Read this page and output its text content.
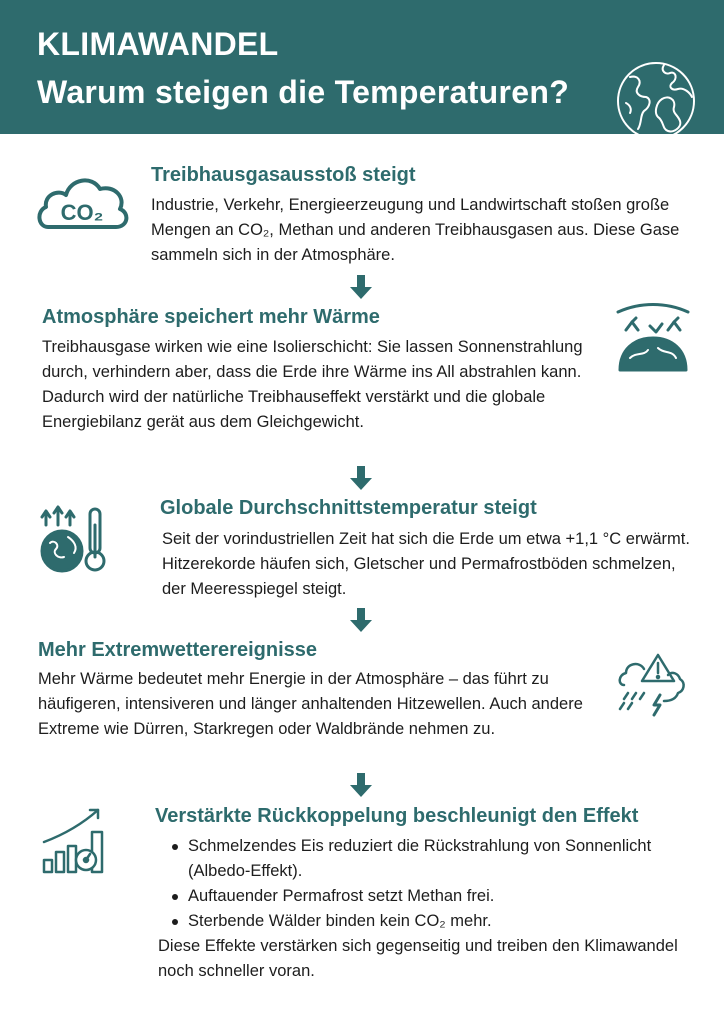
KLIMAWANDEL
Warum steigen die Temperaturen?
CO₂
Treibhausgasausstoß steigt

Industrie, Verkehr, Energieerzeugung und Landwirtschaft stoßen große Mengen an CO₂, Methan und anderen Treibhausgasen aus. Diese Gase sammeln sich in der Atmosphäre.

Atmosphäre speichert mehr Wärme

Treibhausgase wirken wie eine Isolierschicht: Sie lassen Sonnenstrahlung durch, verhindern aber, dass die Erde ihre Wärme ins All abstrahlen kann.

Dadurch wird der natürliche Treibhauseffekt verstärkt und die globale Energiebilanz gerät aus dem Gleichgewicht.

Globale Durchschnittstemperatur steigt

Seit der vorindustriellen Zeit hat sich die Erde um etwa +1,1 °C erwärmt. Hitzerekorde häufen sich, Gletscher und Permafrostböden schmelzen, der Meeresspiegel steigt.

Mehr Extremwetterereignisse

Mehr Wärme bedeutet mehr Energie in der Atmosphäre – das führt zu häufigeren, intensiveren und länger anhaltenden Hitzewellen. Auch andere Extreme wie Dürren, Starkregen oder Waldbrände nehmen zu.

Verstärkte Rückkoppelung beschleunigt den Effekt
Schmelzendes Eis reduziert die Rückstrahlung von Sonnenlicht (Albedo-Effekt).
Auftauender Permafrost setzt Methan frei.
Sterbende Wälder binden kein CO₂ mehr.

Diese Effekte verstärken sich gegenseitig und treiben den Klimawandel noch schneller voran.
